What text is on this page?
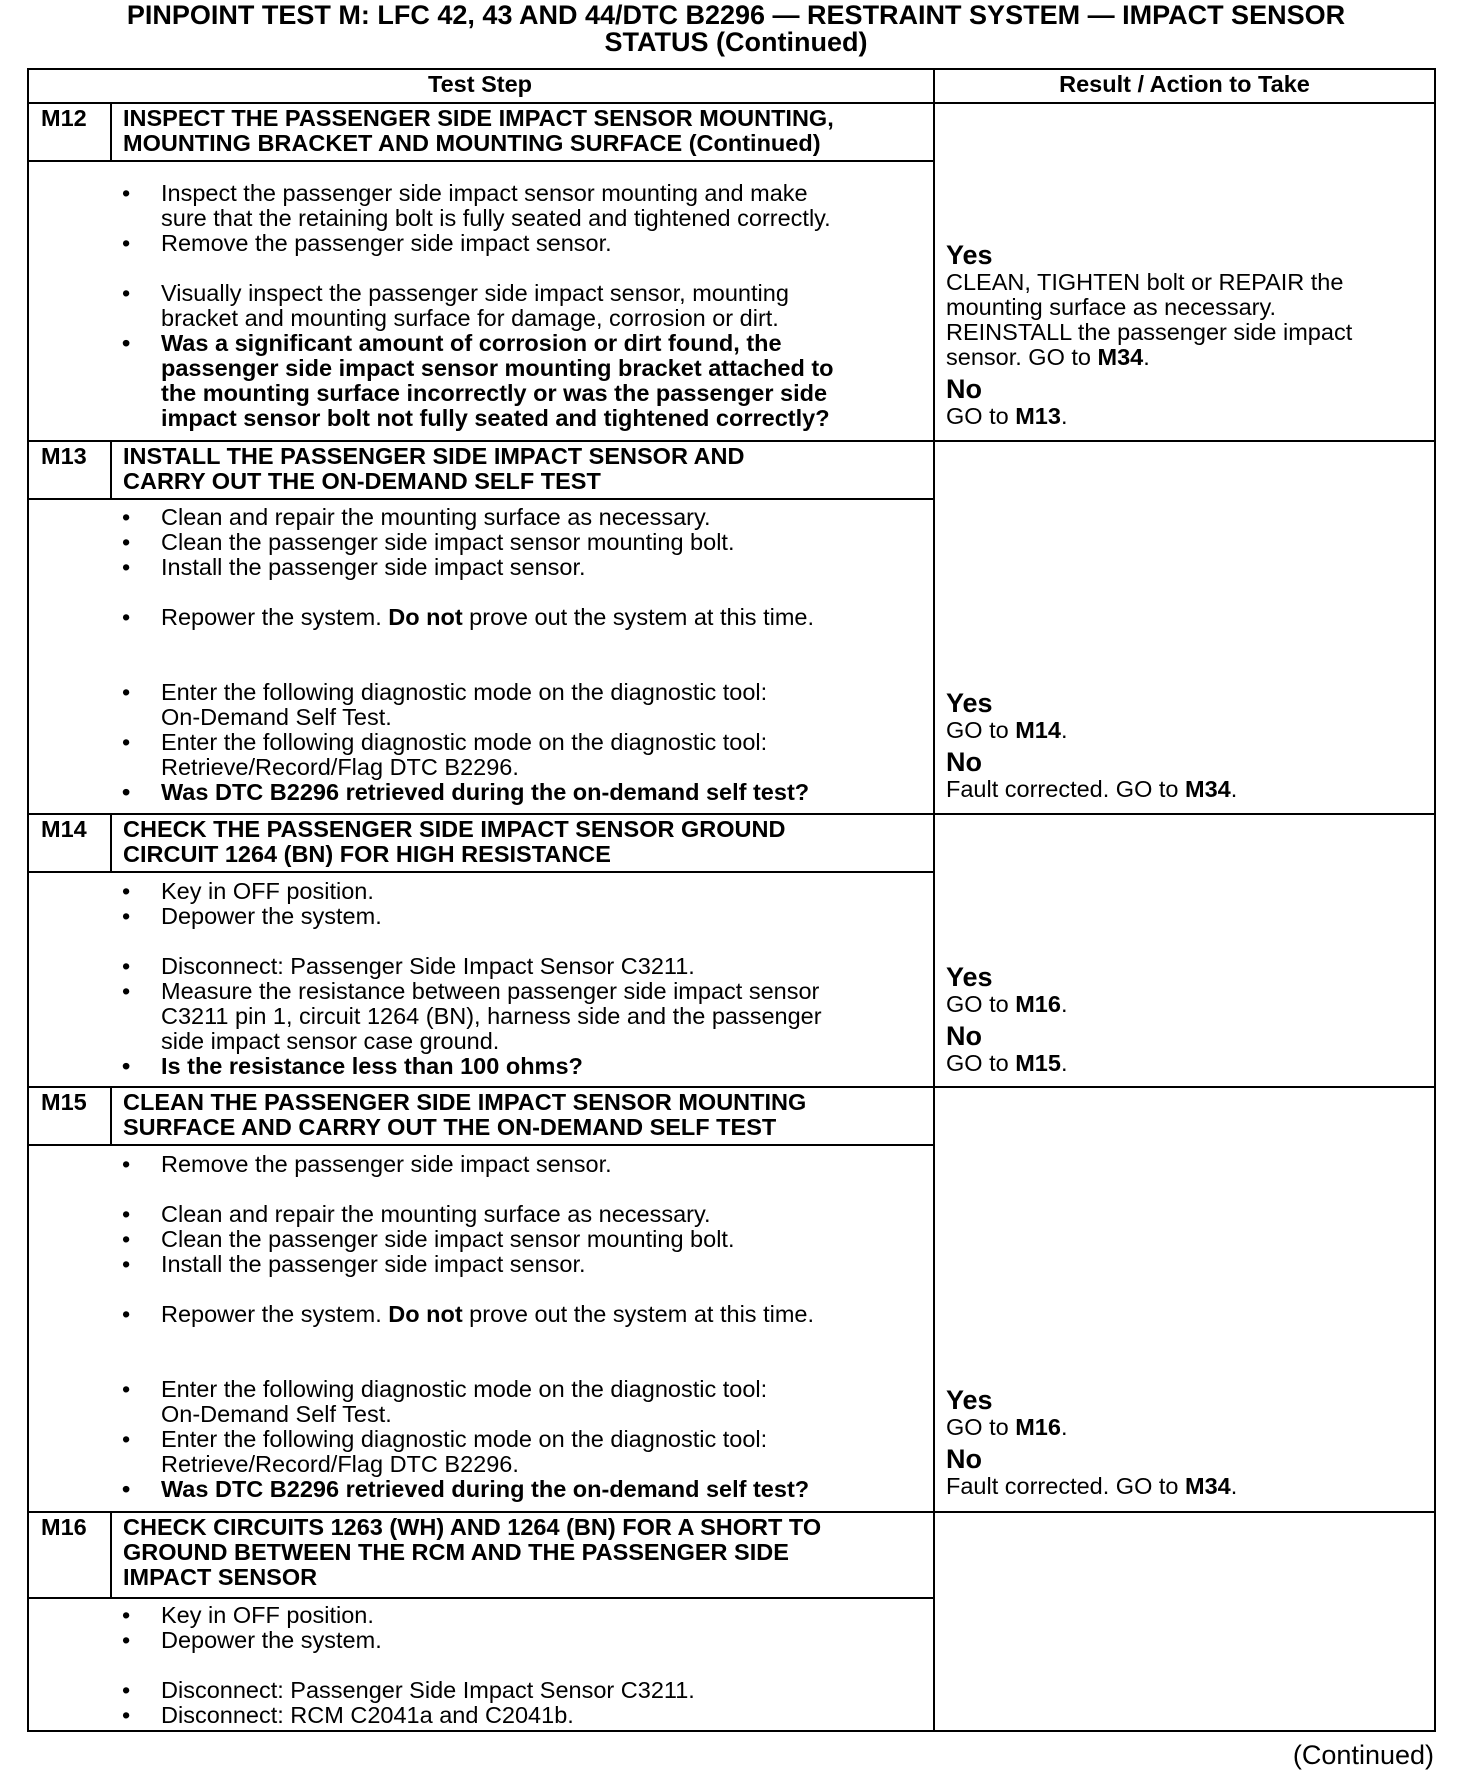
PINPOINT TEST M: LFC 42, 43 AND 44/DTC B2296 — RESTRAINT SYSTEM — IMPACT SENSOR
STATUS (Continued)
Test Step	Result / Action to Take
M12 INSPECT THE PASSENGER SIDE IMPACT SENSOR MOUNTING,
MOUNTING BRACKET AND MOUNTING SURFACE (Continued)
• Inspect the passenger side impact sensor mounting and make
sure that the retaining bolt is fully seated and tightened correctly.
• Remove the passenger side impact sensor.
• Visually inspect the passenger side impact sensor, mounting
bracket and mounting surface for damage, corrosion or dirt.
• Was a significant amount of corrosion or dirt found, the
passenger side impact sensor mounting bracket attached to
the mounting surface incorrectly or was the passenger side
impact sensor bolt not fully seated and tightened correctly?
Yes
CLEAN, TIGHTEN bolt or REPAIR the
mounting surface as necessary.
REINSTALL the passenger side impact
sensor. GO to M34.
No
GO to M13.
M13 INSTALL THE PASSENGER SIDE IMPACT SENSOR AND
CARRY OUT THE ON-DEMAND SELF TEST
• Clean and repair the mounting surface as necessary.
• Clean the passenger side impact sensor mounting bolt.
• Install the passenger side impact sensor.
• Repower the system. Do not prove out the system at this time.
• Enter the following diagnostic mode on the diagnostic tool:
On-Demand Self Test.
• Enter the following diagnostic mode on the diagnostic tool:
Retrieve/Record/Flag DTC B2296.
• Was DTC B2296 retrieved during the on-demand self test?
Yes
GO to M14.
No
Fault corrected. GO to M34.
M14 CHECK THE PASSENGER SIDE IMPACT SENSOR GROUND
CIRCUIT 1264 (BN) FOR HIGH RESISTANCE
• Key in OFF position.
• Depower the system.
• Disconnect: Passenger Side Impact Sensor C3211.
• Measure the resistance between passenger side impact sensor
C3211 pin 1, circuit 1264 (BN), harness side and the passenger
side impact sensor case ground.
• Is the resistance less than 100 ohms?
Yes
GO to M16.
No
GO to M15.
M15 CLEAN THE PASSENGER SIDE IMPACT SENSOR MOUNTING
SURFACE AND CARRY OUT THE ON-DEMAND SELF TEST
• Remove the passenger side impact sensor.
• Clean and repair the mounting surface as necessary.
• Clean the passenger side impact sensor mounting bolt.
• Install the passenger side impact sensor.
• Repower the system. Do not prove out the system at this time.
• Enter the following diagnostic mode on the diagnostic tool:
On-Demand Self Test.
• Enter the following diagnostic mode on the diagnostic tool:
Retrieve/Record/Flag DTC B2296.
• Was DTC B2296 retrieved during the on-demand self test?
Yes
GO to M16.
No
Fault corrected. GO to M34.
M16 CHECK CIRCUITS 1263 (WH) AND 1264 (BN) FOR A SHORT TO
GROUND BETWEEN THE RCM AND THE PASSENGER SIDE
IMPACT SENSOR
• Key in OFF position.
• Depower the system.
• Disconnect: Passenger Side Impact Sensor C3211.
• Disconnect: RCM C2041a and C2041b.
(Continued)
